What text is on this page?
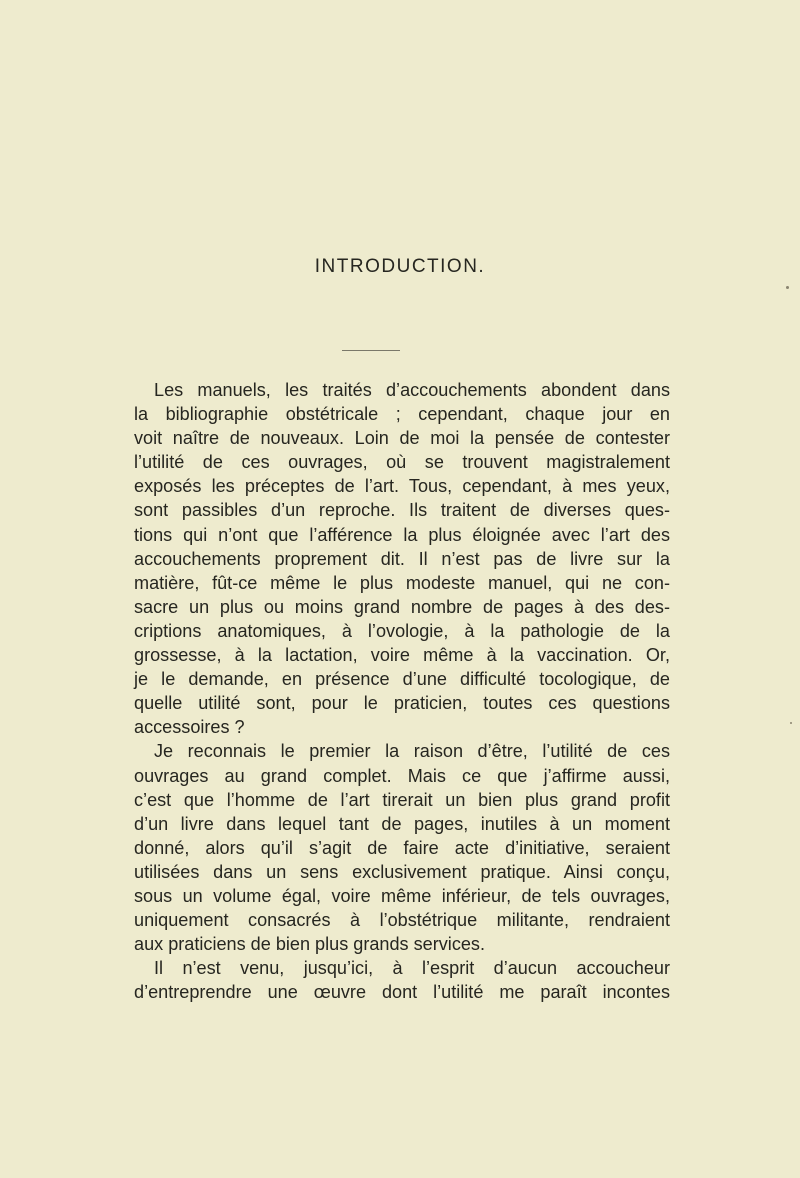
INTRODUCTION.
Les manuels, les traités d’accouchements abondent dans
la bibliographie obstétricale ; cependant, chaque jour en
voit naître de nouveaux. Loin de moi la pensée de contester
l’utilité de ces ouvrages, où se trouvent magistralement
exposés les préceptes de l’art. Tous, cependant, à mes yeux,
sont passibles d’un reproche. Ils traitent de diverses ques-
tions qui n’ont que l’afférence la plus éloignée avec l’art des
accouchements proprement dit. Il n’est pas de livre sur la
matière, fût-ce même le plus modeste manuel, qui ne con-
sacre un plus ou moins grand nombre de pages à des des-
criptions anatomiques, à l’ovologie, à la pathologie de la
grossesse, à la lactation, voire même à la vaccination. Or,
je le demande, en présence d’une difficulté tocologique, de
quelle utilité sont, pour le praticien, toutes ces questions
accessoires ?
Je reconnais le premier la raison d’être, l’utilité de ces
ouvrages au grand complet. Mais ce que j’affirme aussi,
c’est que l’homme de l’art tirerait un bien plus grand profit
d’un livre dans lequel tant de pages, inutiles à un moment
donné, alors qu’il s’agit de faire acte d’initiative, seraient
utilisées dans un sens exclusivement pratique. Ainsi conçu,
sous un volume égal, voire même inférieur, de tels ouvrages,
uniquement consacrés à l’obstétrique militante, rendraient
aux praticiens de bien plus grands services.
Il n’est venu, jusqu’ici, à l’esprit d’aucun accoucheur
d’entreprendre une œuvre dont l’utilité me paraît incontes
